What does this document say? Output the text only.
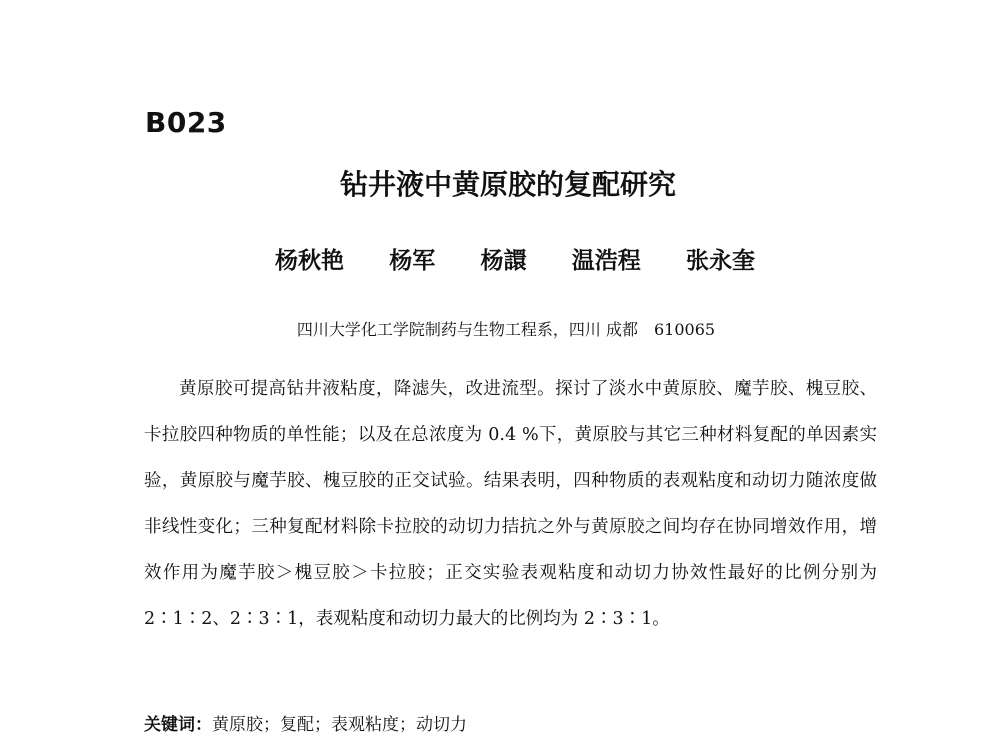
B023
钻井液中黄原胶的复配研究
杨秋艳 杨军 杨譞 温浩程 张永奎
四川大学化工学院制药与生物工程系，四川 成都　610065

黄原胶可提高钻井液粘度，降滤失，改进流型。探讨了淡水中黄原胶、魔芋胶、槐豆胶、卡拉胶四种物质的单性能；以及在总浓度为 0.4 %下，黄原胶与其它三种材料复配的单因素实验，黄原胶与魔芋胶、槐豆胶的正交试验。结果表明，四种物质的表观粘度和动切力随浓度做非线性变化；三种复配材料除卡拉胶的动切力拮抗之外与黄原胶之间均存在协同增效作用，增效作用为魔芋胶＞槐豆胶＞卡拉胶；正交实验表观粘度和动切力协效性最好的比例分别为 2∶1∶2、2∶3∶1，表观粘度和动切力最大的比例均为 2∶3∶1。

关键词：黄原胶；复配；表观粘度；动切力
